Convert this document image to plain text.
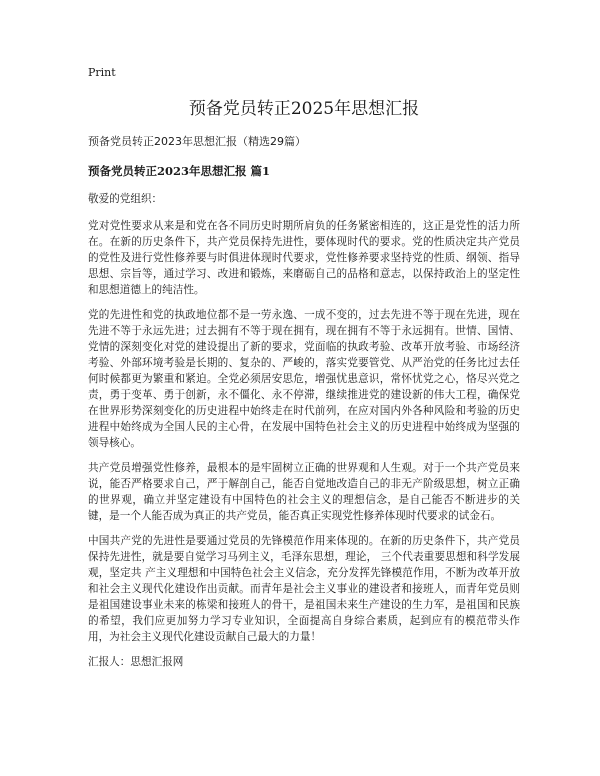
Print
预备党员转正2025年思想汇报
预备党员转正2023年思想汇报（精选29篇）
预备党员转正2023年思想汇报 篇1

敬爱的党组织：

党对党性要求从来是和党在各不同历史时期所肩负的任务紧密相连的，这正是党性的活力所在。在新的历史条件下，共产党员保持先进性，要体现时代的要求。党的性质决定共产党员的党性及进行党性修养要与时俱进体现时代要求，党性修养要求坚持党的性质、纲领、指导思想、宗旨等，通过学习、改进和锻炼，来磨砺自己的品格和意志，以保持政治上的坚定性和思想道德上的纯洁性。

党的先进性和党的执政地位都不是一劳永逸、一成不变的，过去先进不等于现在先进，现在先进不等于永远先进；过去拥有不等于现在拥有，现在拥有不等于永远拥有。世情、国情、党情的深刻变化对党的建设提出了新的要求，党面临的执政考验、改革开放考验、市场经济考验、外部环境考验是长期的、复杂的、严峻的，落实党要管党、从严治党的任务比过去任何时候都更为繁重和紧迫。全党必须居安思危，增强忧患意识，常怀忧党之心，恪尽兴党之责，勇于变革、勇于创新，永不僵化、永不停滞，继续推进党的建设新的伟大工程，确保党在世界形势深刻变化的历史进程中始终走在时代前列，在应对国内外各种风险和考验的历史进程中始终成为全国人民的主心骨，在发展中国特色社会主义的历史进程中始终成为坚强的领导核心。

共产党员增强党性修养，最根本的是牢固树立正确的世界观和人生观。对于一个共产党员来说，能否严格要求自己，严于解剖自己，能否自觉地改造自己的非无产阶级思想，树立正确的世界观，确立并坚定建设有中国特色的社会主义的理想信念，是自己能否不断进步的关键，是一个人能否成为真正的共产党员，能否真正实现党性修养体现时代要求的试金石。

中国共产党的先进性是要通过党员的先锋模范作用来体现的。在新的历史条件下，共产党员保持先进性，就是要自觉学习马列主义，毛泽东思想，理论， 三个代表重要思想和科学发展观，坚定共 产主义理想和中国特色社会主义信念，充分发挥先锋模范作用，不断为改革开放和社会主义现代化建设作出贡献。而青年是社会主义事业的建设者和接班人，而青年党员则是祖国建设事业未来的栋梁和接班人的骨干，是祖国未来生产建设的生力军，是祖国和民族的希望，我们应更加努力学习专业知识，全面提高自身综合素质，起到应有的模范带头作用，为社会主义现代化建设贡献自己最大的力量！

汇报人：思想汇报网
